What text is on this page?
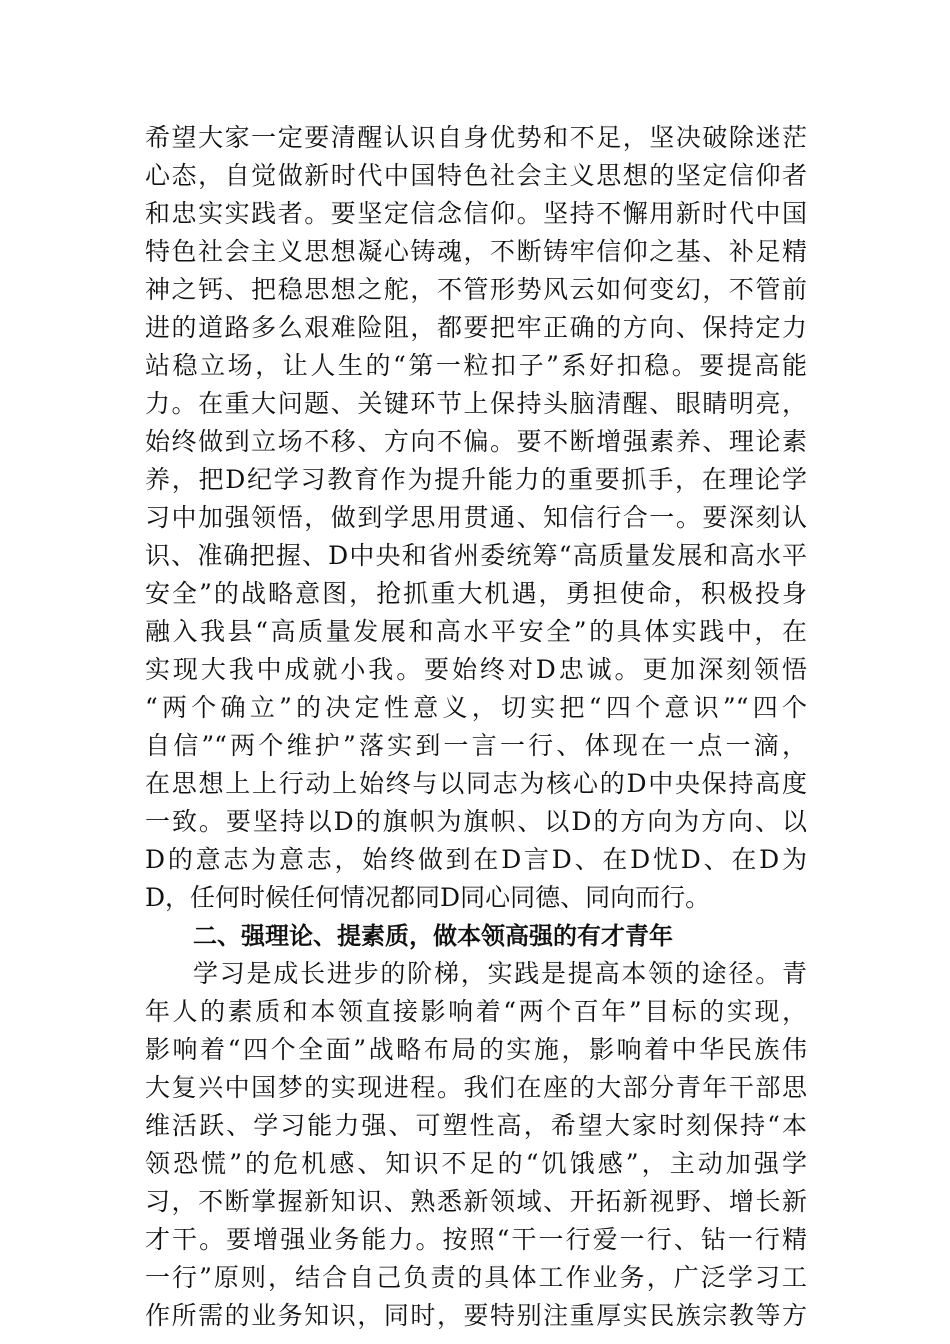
希望大家一定要清醒认识自身优势和不足，坚决破除迷茫
心态，自觉做新时代中国特色社会主义思想的坚定信仰者
和忠实实践者。要坚定信念信仰。坚持不懈用新时代中国
特色社会主义思想凝心铸魂，不断铸牢信仰之基、补足精
神之钙、把稳思想之舵，不管形势风云如何变幻，不管前
进的道路多么艰难险阻，都要把牢正确的方向、保持定力
站稳立场，让人生的“第一粒扣子”系好扣稳。要提高能
力。在重大问题、关键环节上保持头脑清醒、眼睛明亮，
始终做到立场不移、方向不偏。要不断增强素养、理论素
养，把D纪学习教育作为提升能力的重要抓手，在理论学
习中加强领悟，做到学思用贯通、知信行合一。要深刻认
识、准确把握、D中央和省州委统筹“高质量发展和高水平
安全”的战略意图，抢抓重大机遇，勇担使命，积极投身
融入我县“高质量发展和高水平安全”的具体实践中，在
实现大我中成就小我。要始终对D忠诚。更加深刻领悟
“两个确立”的决定性意义，切实把“四个意识”“四个
自信”“两个维护”落实到一言一行、体现在一点一滴，
在思想上上行动上始终与以同志为核心的D中央保持高度
一致。要坚持以D的旗帜为旗帜、以D的方向为方向、以
D的意志为意志，始终做到在D言D、在D忧D、在D为
D，任何时候任何情况都同D同心同德、同向而行。
二、强理论、提素质，做本领高强的有才青年
学习是成长进步的阶梯，实践是提高本领的途径。青
年人的素质和本领直接影响着“两个百年”目标的实现，
影响着“四个全面”战略布局的实施，影响着中华民族伟
大复兴中国梦的实现进程。我们在座的大部分青年干部思
维活跃、学习能力强、可塑性高，希望大家时刻保持“本
领恐慌”的危机感、知识不足的“饥饿感”，主动加强学
习，不断掌握新知识、熟悉新领域、开拓新视野、增长新
才干。要增强业务能力。按照“干一行爱一行、钻一行精
一行”原则，结合自己负责的具体工作业务，广泛学习工
作所需的业务知识，同时，要特别注重厚实民族宗教等方
